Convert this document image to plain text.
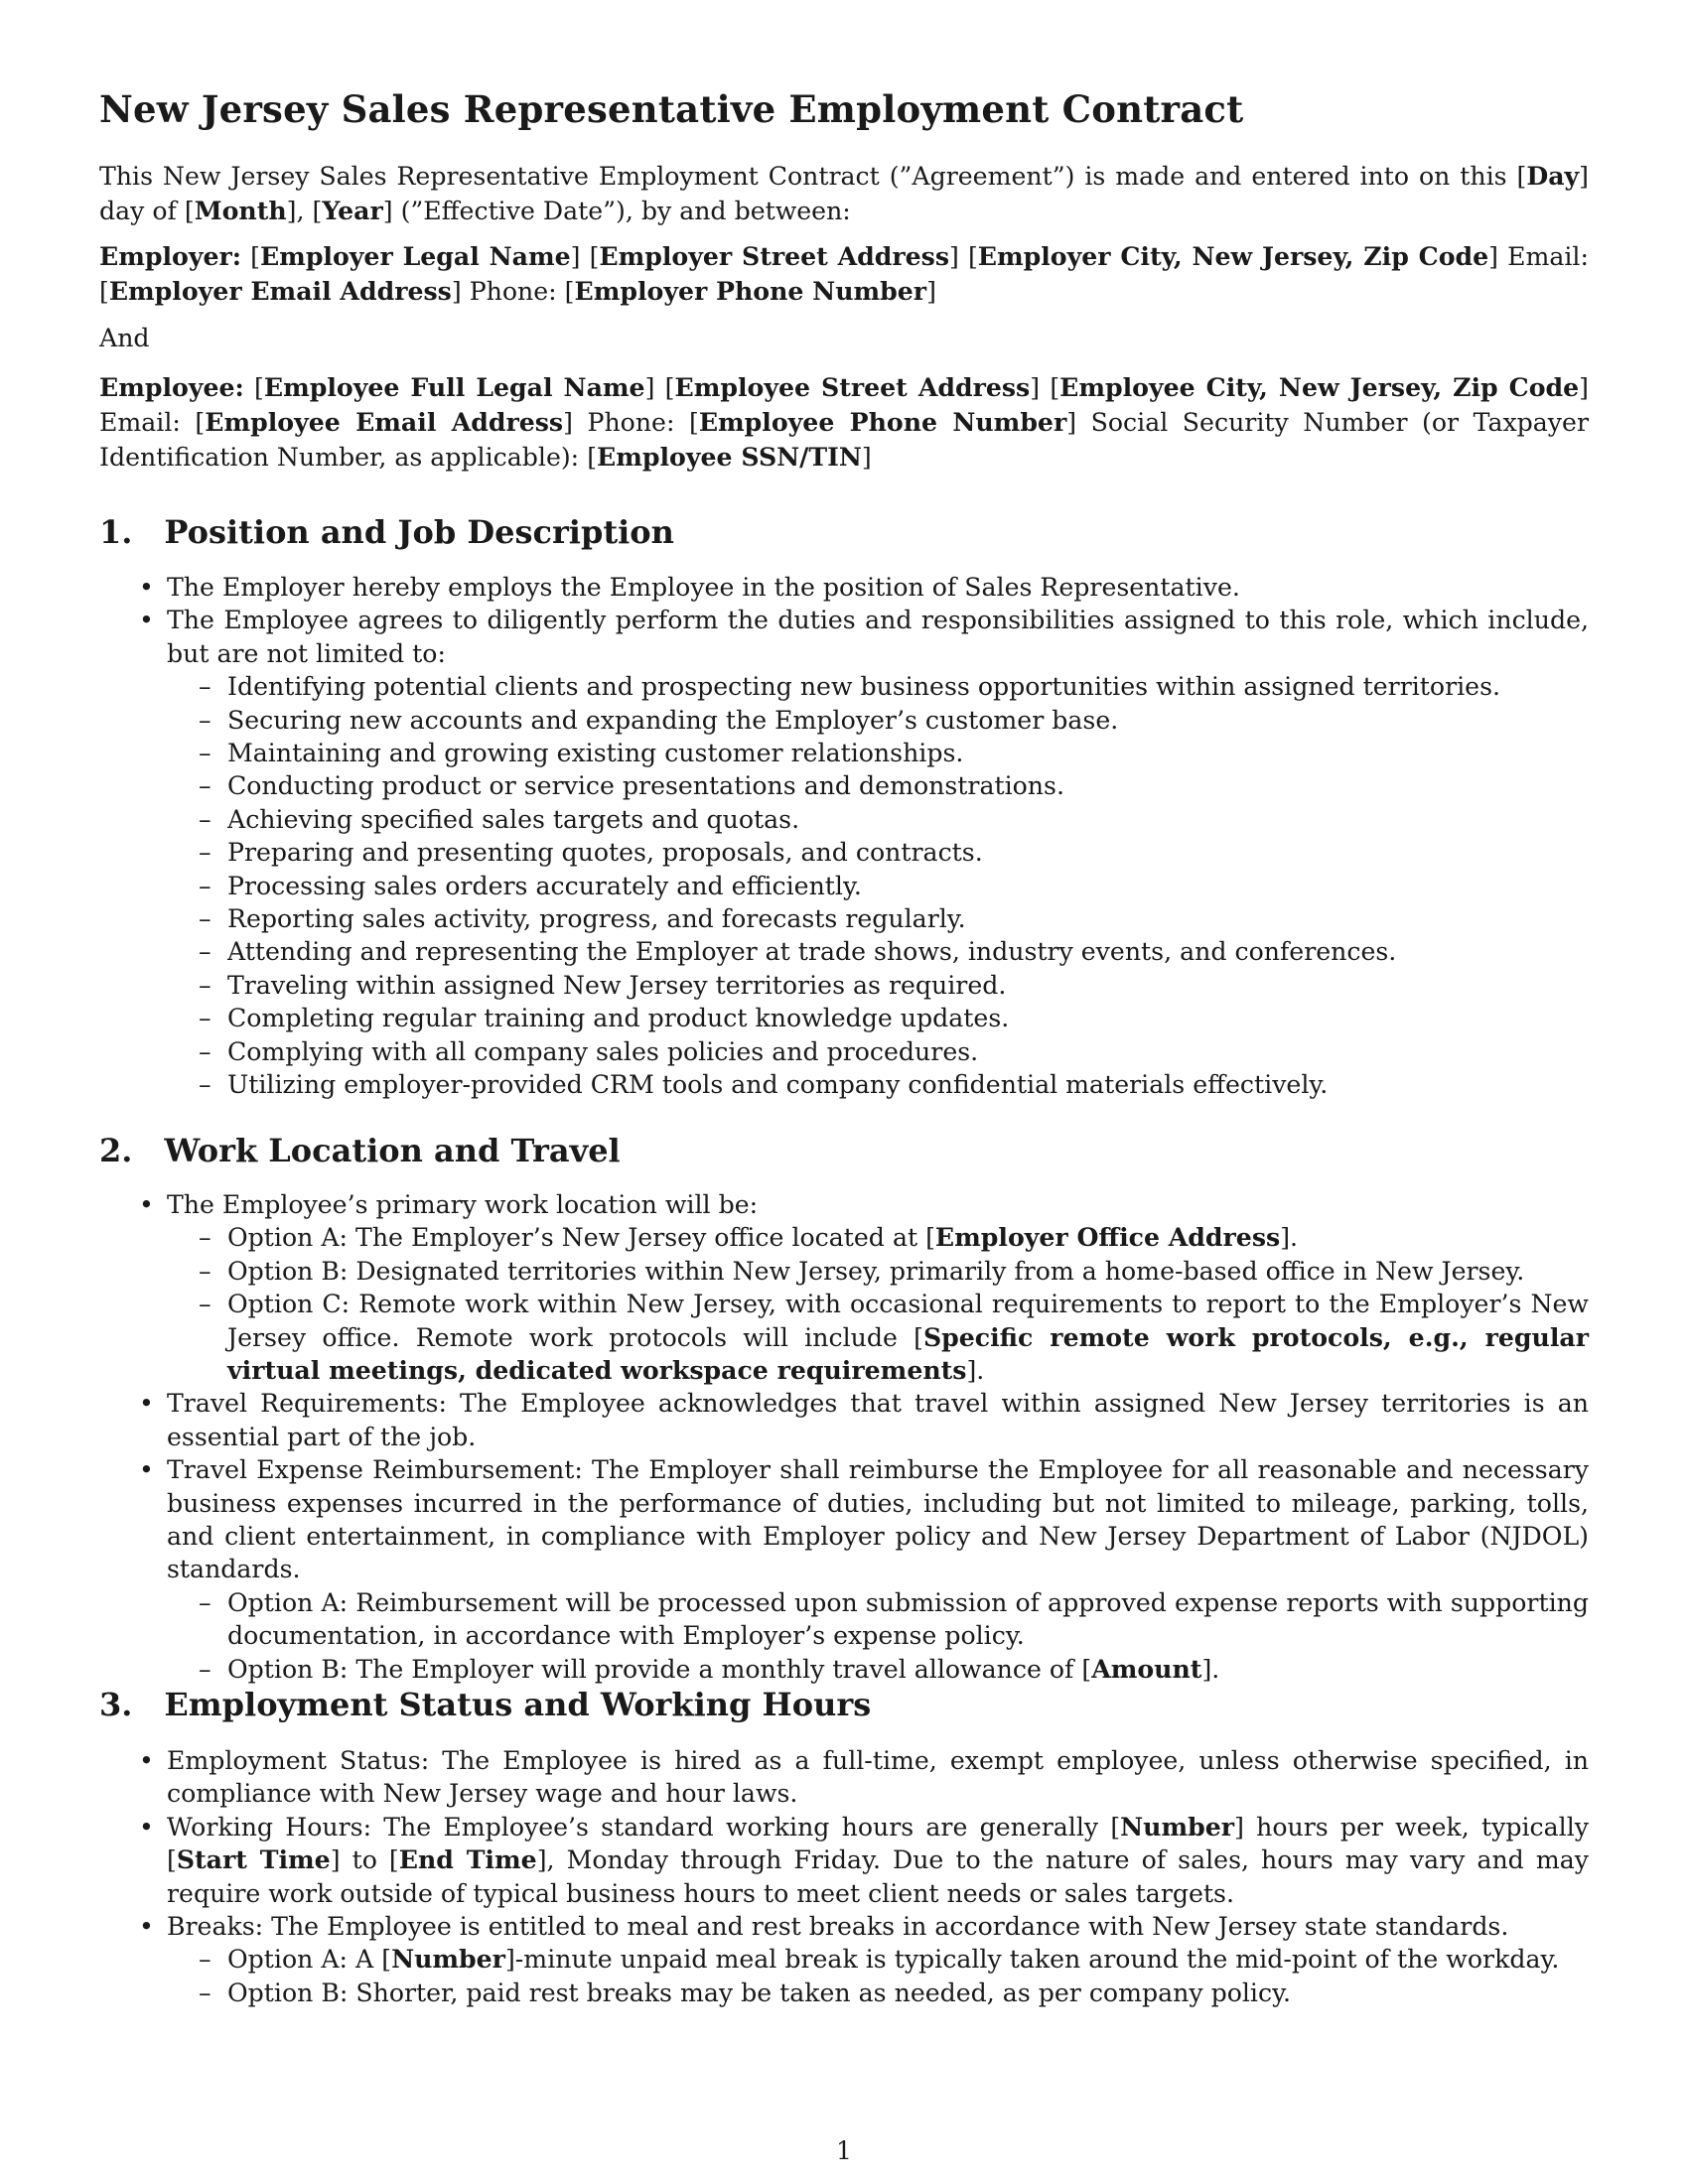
New Jersey Sales Representative Employment Contract

This New Jersey Sales Representative Employment Contract (”Agreement”) is made and entered into on this [Day] day of [Month], [Year] (”Effective Date”), by and between:

Employer: [Employer Legal Name] [Employer Street Address] [Employer City, New Jersey, Zip Code] Email: [Employer Email Address] Phone: [Employer Phone Number]

And

Employee: [Employee Full Legal Name] [Employee Street Address] [Employee City, New Jersey, Zip Code] Email: [Employee Email Address] Phone: [Employee Phone Number] Social Security Number (or Taxpayer Identification Number, as applicable): [Employee SSN/TIN]

1. Position and Job Description
• The Employer hereby employs the Employee in the position of Sales Representative.
• The Employee agrees to diligently perform the duties and responsibilities assigned to this role, which include, but are not limited to:
– Identifying potential clients and prospecting new business opportunities within assigned territories.
– Securing new accounts and expanding the Employer’s customer base.
– Maintaining and growing existing customer relationships.
– Conducting product or service presentations and demonstrations.
– Achieving specified sales targets and quotas.
– Preparing and presenting quotes, proposals, and contracts.
– Processing sales orders accurately and efficiently.
– Reporting sales activity, progress, and forecasts regularly.
– Attending and representing the Employer at trade shows, industry events, and conferences.
– Traveling within assigned New Jersey territories as required.
– Completing regular training and product knowledge updates.
– Complying with all company sales policies and procedures.
– Utilizing employer-provided CRM tools and company confidential materials effectively.
2. Work Location and Travel
• The Employee’s primary work location will be:
– Option A: The Employer’s New Jersey office located at [Employer Office Address].
– Option B: Designated territories within New Jersey, primarily from a home-based office in New Jersey.
– Option C: Remote work within New Jersey, with occasional requirements to report to the Employer’s New Jersey office. Remote work protocols will include [Specific remote work protocols, e.g., regular virtual meetings, dedicated workspace requirements].
• Travel Requirements: The Employee acknowledges that travel within assigned New Jersey territories is an essential part of the job.
• Travel Expense Reimbursement: The Employer shall reimburse the Employee for all reasonable and necessary business expenses incurred in the performance of duties, including but not limited to mileage, parking, tolls, and client entertainment, in compliance with Employer policy and New Jersey Department of Labor (NJDOL) standards.
– Option A: Reimbursement will be processed upon submission of approved expense reports with supporting documentation, in accordance with Employer’s expense policy.
– Option B: The Employer will provide a monthly travel allowance of [Amount].
3. Employment Status and Working Hours
• Employment Status: The Employee is hired as a full-time, exempt employee, unless otherwise specified, in compliance with New Jersey wage and hour laws.
• Working Hours: The Employee’s standard working hours are generally [Number] hours per week, typically [Start Time] to [End Time], Monday through Friday. Due to the nature of sales, hours may vary and may require work outside of typical business hours to meet client needs or sales targets.
• Breaks: The Employee is entitled to meal and rest breaks in accordance with New Jersey state standards.
– Option A: A [Number]-minute unpaid meal break is typically taken around the mid-point of the workday.
– Option B: Shorter, paid rest breaks may be taken as needed, as per company policy.
1
